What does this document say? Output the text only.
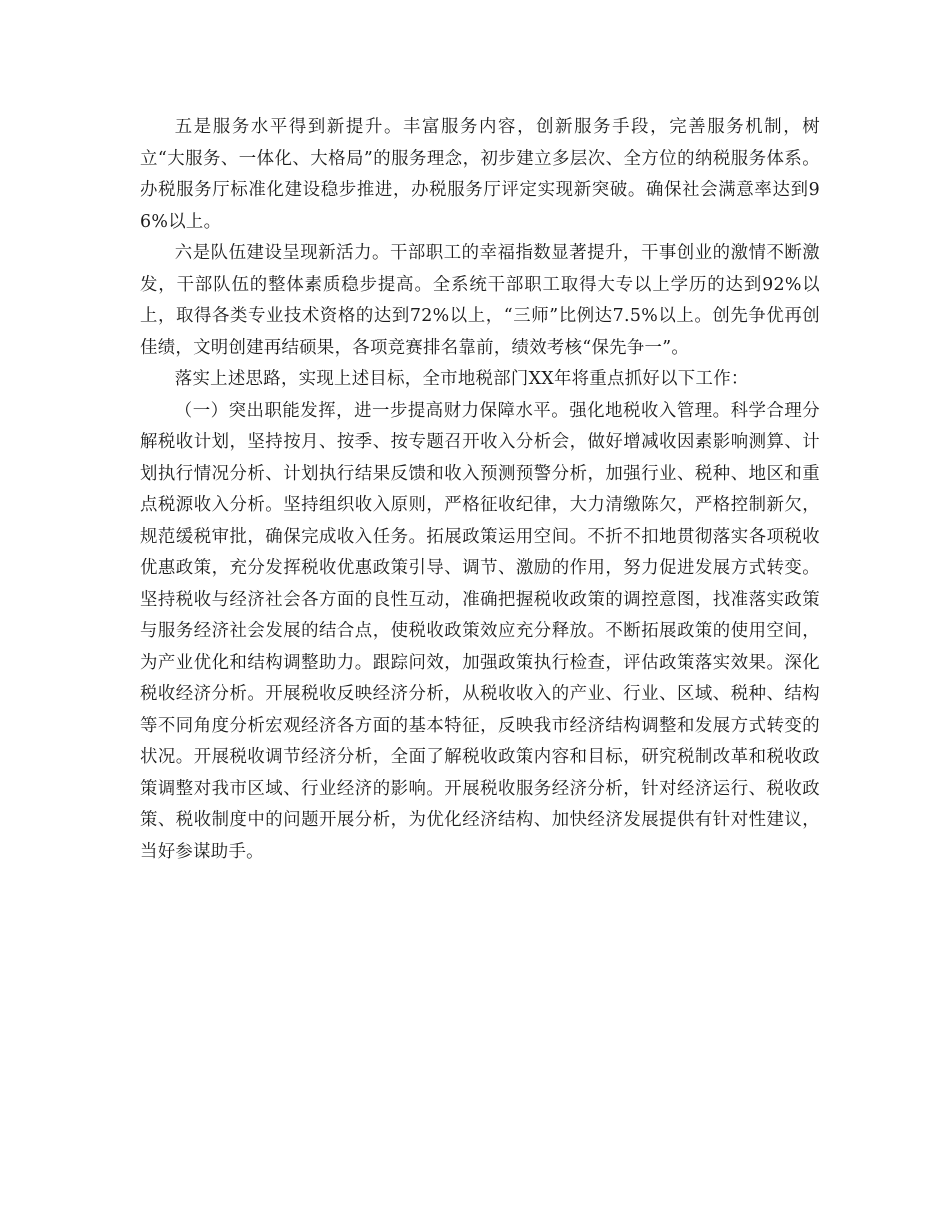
五是服务水平得到新提升。丰富服务内容，创新服务手段，完善服务机制，树立“大服务、一体化、大格局”的服务理念，初步建立多层次、全方位的纳税服务体系。办税服务厅标准化建设稳步推进，办税服务厅评定实现新突破。确保社会满意率达到96%以上。

六是队伍建设呈现新活力。干部职工的幸福指数显著提升，干事创业的激情不断激发，干部队伍的整体素质稳步提高。全系统干部职工取得大专以上学历的达到92%以上，取得各类专业技术资格的达到72%以上，“三师”比例达7.5%以上。创先争优再创佳绩，文明创建再结硕果，各项竞赛排名靠前，绩效考核“保先争一”。

落实上述思路，实现上述目标，全市地税部门XX年将重点抓好以下工作：

（一）突出职能发挥，进一步提高财力保障水平。强化地税收入管理。科学合理分解税收计划，坚持按月、按季、按专题召开收入分析会，做好增减收因素影响测算、计划执行情况分析、计划执行结果反馈和收入预测预警分析，加强行业、税种、地区和重点税源收入分析。坚持组织收入原则，严格征收纪律，大力清缴陈欠，严格控制新欠，规范缓税审批，确保完成收入任务。拓展政策运用空间。不折不扣地贯彻落实各项税收优惠政策，充分发挥税收优惠政策引导、调节、激励的作用，努力促进发展方式转变。坚持税收与经济社会各方面的良性互动，准确把握税收政策的调控意图，找准落实政策与服务经济社会发展的结合点，使税收政策效应充分释放。不断拓展政策的使用空间，为产业优化和结构调整助力。跟踪问效，加强政策执行检查，评估政策落实效果。深化税收经济分析。开展税收反映经济分析，从税收收入的产业、行业、区域、税种、结构等不同角度分析宏观经济各方面的基本特征，反映我市经济结构调整和发展方式转变的状况。开展税收调节经济分析，全面了解税收政策内容和目标，研究税制改革和税收政策调整对我市区域、行业经济的影响。开展税收服务经济分析，针对经济运行、税收政策、税收制度中的问题开展分析，为优化经济结构、加快经济发展提供有针对性建议，当好参谋助手。
